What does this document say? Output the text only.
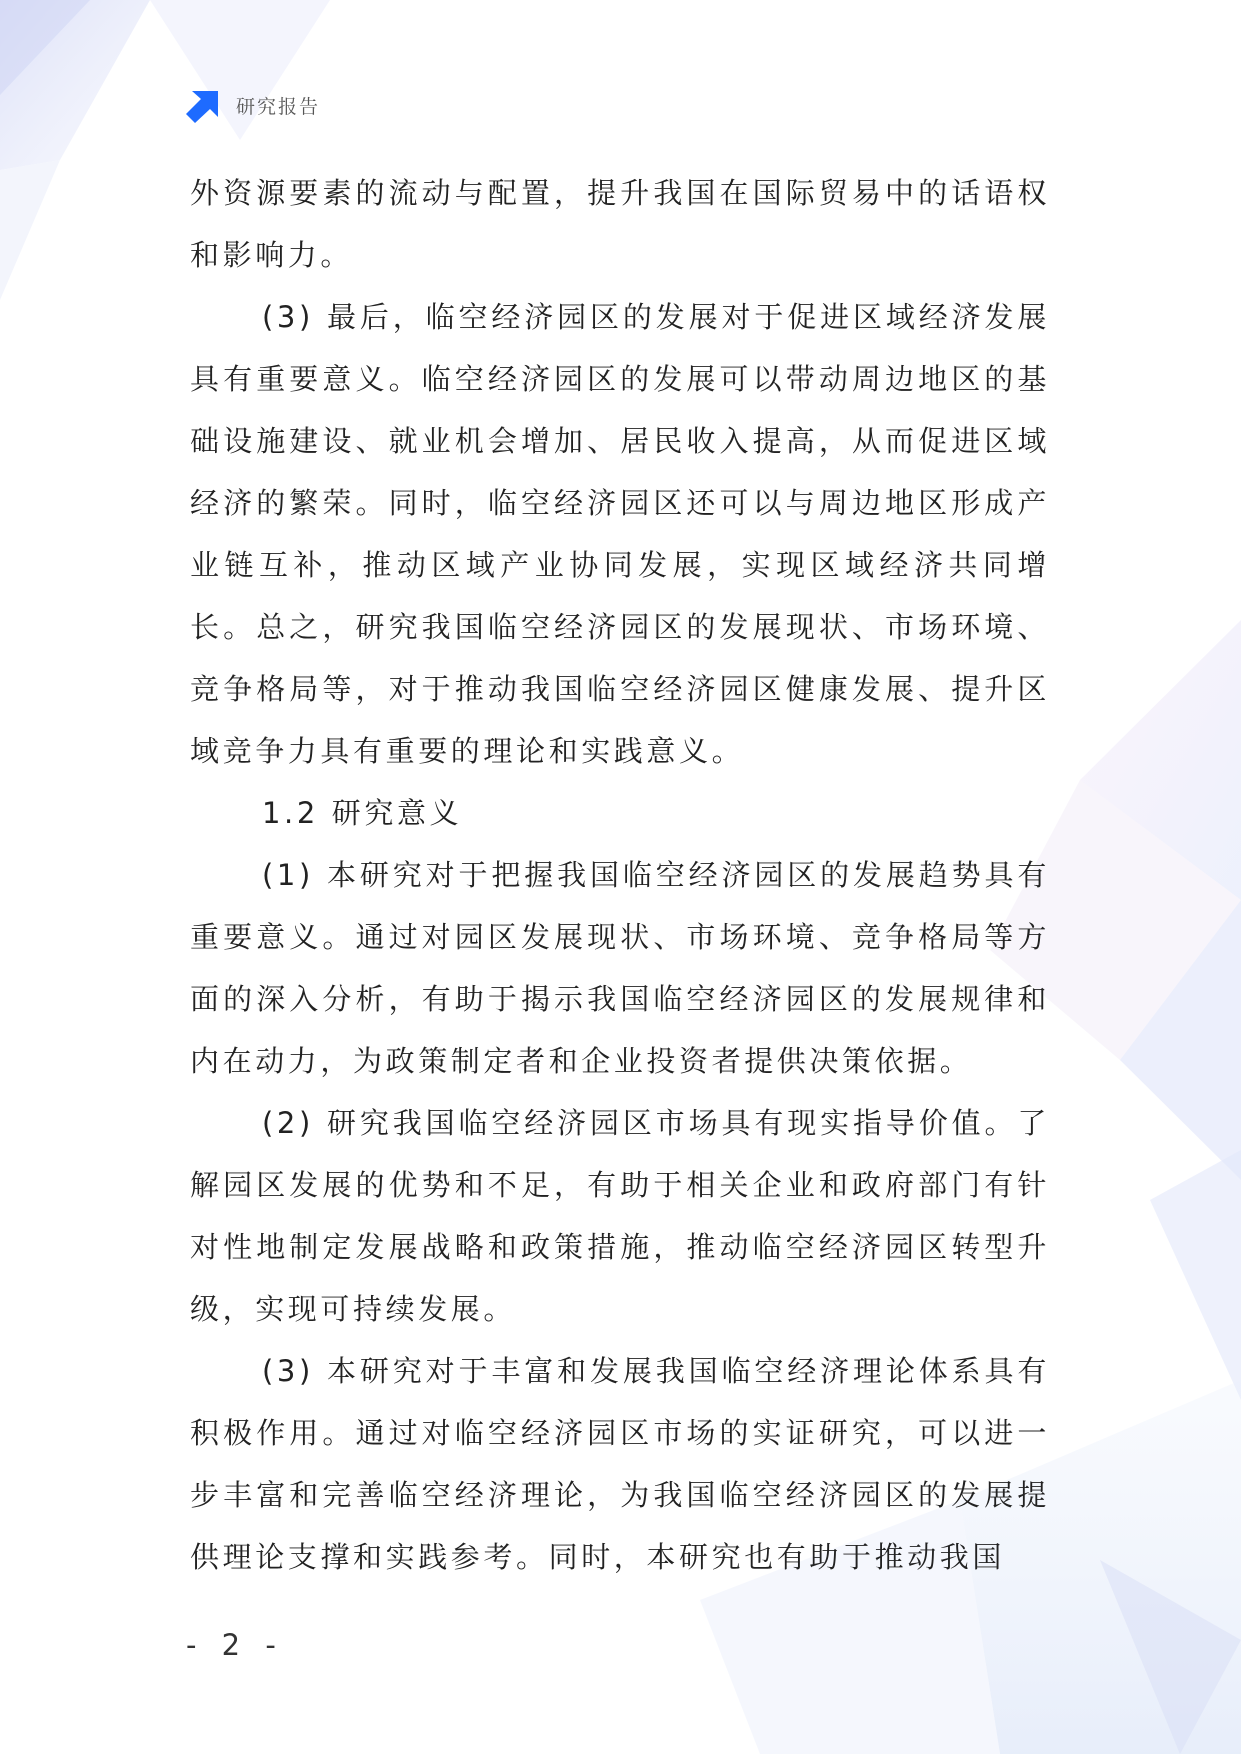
研究报告

外资源要素的流动与配置，提升我国在国际贸易中的话语权和影响力。

(3) 最后，临空经济园区的发展对于促进区域经济发展具有重要意义。临空经济园区的发展可以带动周边地区的基础设施建设、就业机会增加、居民收入提高，从而促进区域经济的繁荣。同时，临空经济园区还可以与周边地区形成产业链互补，推动区域产业协同发展，实现区域经济共同增长。总之，研究我国临空经济园区的发展现状、市场环境、竞争格局等，对于推动我国临空经济园区健康发展、提升区域竞争力具有重要的理论和实践意义。

1.2 研究意义

(1) 本研究对于把握我国临空经济园区的发展趋势具有重要意义。通过对园区发展现状、市场环境、竞争格局等方面的深入分析，有助于揭示我国临空经济园区的发展规律和内在动力，为政策制定者和企业投资者提供决策依据。

(2) 研究我国临空经济园区市场具有现实指导价值。了解园区发展的优势和不足，有助于相关企业和政府部门有针对性地制定发展战略和政策措施，推动临空经济园区转型升级，实现可持续发展。

(3) 本研究对于丰富和发展我国临空经济理论体系具有积极作用。通过对临空经济园区市场的实证研究，可以进一步丰富和完善临空经济理论，为我国临空经济园区的发展提供理论支撑和实践参考。同时，本研究也有助于推动我国

- 2 -
